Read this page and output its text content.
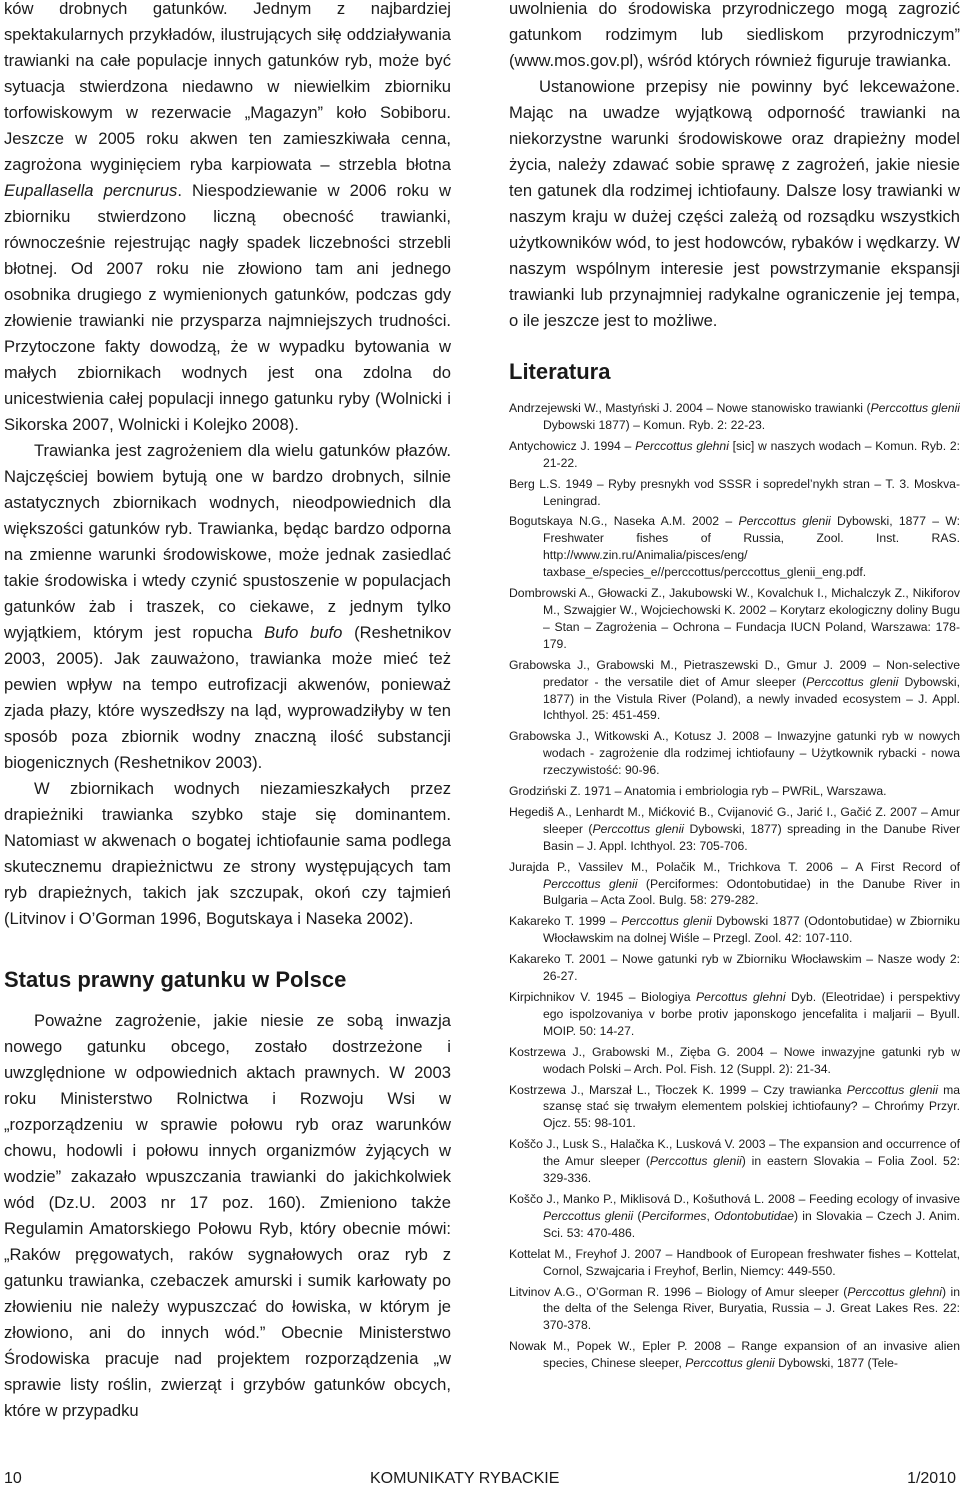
ków drobnych gatunków. Jednym z najbardziej spektakularnych przykładów, ilustrujących siłę oddziaływania trawianki na całe populacje innych gatunków ryb, może być sytuacja stwierdzona niedawno w niewielkim zbiorniku torfowiskowym w rezerwacie „Magazyn” koło Sobiboru. Jeszcze w 2005 roku akwen ten zamieszkiwała cenna, zagrożona wyginięciem ryba karpiowata – strzebla błotna Eupallasella percnurus. Niespodziewanie w 2006 roku w zbiorniku stwierdzono liczną obecność trawianki, równocześnie rejestrując nagły spadek liczebności strzebli błotnej. Od 2007 roku nie złowiono tam ani jednego osobnika drugiego z wymienionych gatunków, podczas gdy złowienie trawianki nie przysparza najmniejszych trudności. Przytoczone fakty dowodzą, że w wypadku bytowania w małych zbiornikach wodnych jest ona zdolna do unicestwienia całej populacji innego gatunku ryby (Wolnicki i Sikorska 2007, Wolnicki i Kolejko 2008).

Trawianka jest zagrożeniem dla wielu gatunków płazów. Najczęściej bowiem bytują one w bardzo drobnych, silnie astatycznych zbiornikach wodnych, nieodpowiednich dla większości gatunków ryb. Trawianka, będąc bardzo odporna na zmienne warunki środowiskowe, może jednak zasiedlać takie środowiska i wtedy czynić spustoszenie w populacjach gatunków żab i traszek, co ciekawe, z jednym tylko wyjątkiem, którym jest ropucha Bufo bufo (Reshetnikov 2003, 2005). Jak zauważono, trawianka może mieć też pewien wpływ na tempo eutrofizacji akwenów, ponieważ zjada płazy, które wyszedłszy na ląd, wyprowadziłyby w ten sposób poza zbiornik wodny znaczną ilość substancji biogenicznych (Reshetnikov 2003).

W zbiornikach wodnych niezamieszkałych przez drapieżniki trawianka szybko staje się dominantem. Natomiast w akwenach o bogatej ichtiofaunie sama podlega skutecznemu drapieżnictwu ze strony występujących tam ryb drapieżnych, takich jak szczupak, okoń czy tajmień (Litvinov i O’Gorman 1996, Bogutskaya i Naseka 2002).

Status prawny gatunku w Polsce

Poważne zagrożenie, jakie niesie ze sobą inwazja nowego gatunku obcego, zostało dostrzeżone i uwzględnione w odpowiednich aktach prawnych. W 2003 roku Ministerstwo Rolnictwa i Rozwoju Wsi w „rozporządzeniu w sprawie połowu ryb oraz warunków chowu, hodowli i połowu innych organizmów żyjących w wodzie” zakazało wpuszczania trawianki do jakichkolwiek wód (Dz.U. 2003 nr 17 poz. 160). Zmieniono także Regulamin Amatorskiego Połowu Ryb, który obecnie mówi: „Raków pręgowatych, raków sygnałowych oraz ryb z gatunku trawianka, czebaczek amurski i sumik karłowaty po złowieniu nie należy wypuszczać do łowiska, w którym je złowiono, ani do innych wód.” Obecnie Ministerstwo Środowiska pracuje nad projektem rozporządzenia „w sprawie listy roślin, zwierząt i grzybów gatunków obcych, które w przypadku

uwolnienia do środowiska przyrodniczego mogą zagrozić gatunkom rodzimym lub siedliskom przyrodniczym” (www.mos.gov.pl), wśród których również figuruje trawianka.

Ustanowione przepisy nie powinny być lekceważone. Mając na uwadze wyjątkową odporność trawianki na niekorzystne warunki środowiskowe oraz drapieżny model życia, należy zdawać sobie sprawę z zagrożeń, jakie niesie ten gatunek dla rodzimej ichtiofauny. Dalsze losy trawianki w naszym kraju w dużej części zależą od rozsądku wszystkich użytkowników wód, to jest hodowców, rybaków i wędkarzy. W naszym wspólnym interesie jest powstrzymanie ekspansji trawianki lub przynajmniej radykalne ograniczenie jej tempa, o ile jeszcze jest to możliwe.

Literatura
Andrzejewski W., Mastyński J. 2004 – Nowe stanowisko trawianki (Perccottus glenii Dybowski 1877) – Komun. Ryb. 2: 22-23.
Antychowicz J. 1994 – Perccottus glehni [sic] w naszych wodach – Komun. Ryb. 2: 21-22.
Berg L.S. 1949 – Ryby presnykh vod SSSR i sopredel’nykh stran – T. 3. Moskva-Leningrad.
Bogutskaya N.G., Naseka A.M. 2002 – Perccottus glenii Dybowski, 1877 – W: Freshwater fishes of Russia, Zool. Inst. RAS. http://www.zin.ru/Animalia/pisces/eng/ taxbase_e/species_e//perccottus/perccottus_glenii_eng.pdf.
Dombrowski A., Głowacki Z., Jakubowski W., Kovalchuk I., Michalczyk Z., Nikiforov M., Szwajgier W., Wojciechowski K. 2002 – Korytarz ekologiczny doliny Bugu – Stan – Zagrożenia – Ochrona – Fundacja IUCN Poland, Warszawa: 178-179.
Grabowska J., Grabowski M., Pietraszewski D., Gmur J. 2009 – Non-selective predator - the versatile diet of Amur sleeper (Perccottus glenii Dybowski, 1877) in the Vistula River (Poland), a newly invaded ecosystem – J. Appl. Ichthyol. 25: 451-459.
Grabowska J., Witkowski A., Kotusz J. 2008 – Inwazyjne gatunki ryb w nowych wodach - zagrożenie dla rodzimej ichtiofauny – Użytkownik rybacki - nowa rzeczywistość: 90-96.
Grodziński Z. 1971 – Anatomia i embriologia ryb – PWRiL, Warszawa.
Hegediš A., Lenhardt M., Mićković B., Cvijanović G., Jarić I., Gačić Z. 2007 – Amur sleeper (Perccottus glenii Dybowski, 1877) spreading in the Danube River Basin – J. Appl. Ichthyol. 23: 705-706.
Jurajda P., Vassilev M., Polačik M., Trichkova T. 2006 – A First Record of Perccottus glenii (Perciformes: Odontobutidae) in the Danube River in Bulgaria – Acta Zool. Bulg. 58: 279-282.
Kakareko T. 1999 – Perccottus glenii Dybowski 1877 (Odontobutidae) w Zbiorniku Włocławskim na dolnej Wiśle – Przegl. Zool. 42: 107-110.
Kakareko T. 2001 – Nowe gatunki ryb w Zbiorniku Włocławskim – Nasze wody 2: 26-27.
Kirpichnikov V. 1945 – Biologiya Percottus glehni Dyb. (Eleotridae) i perspektivy ego ispolzovaniya v borbe protiv japonskogo jencefalita i maljarii – Byull. MOIP. 50: 14-27.
Kostrzewa J., Grabowski M., Zięba G. 2004 – Nowe inwazyjne gatunki ryb w wodach Polski – Arch. Pol. Fish. 12 (Suppl. 2): 21-34.
Kostrzewa J., Marszał L., Tłoczek K. 1999 – Czy trawianka Perccottus glenii ma szansę stać się trwałym elementem polskiej ichtiofauny? – Chrońmy Przyr. Ojcz. 55: 98-101.
Koščo J., Lusk S., Halačka K., Lusková V. 2003 – The expansion and occurrence of the Amur sleeper (Perccottus glenii) in eastern Slovakia – Folia Zool. 52: 329-336.
Koščo J., Manko P., Miklisová D., Košuthová L. 2008 – Feeding ecology of invasive Perccottus glenii (Perciformes, Odontobutidae) in Slovakia – Czech J. Anim. Sci. 53: 470-486.
Kottelat M., Freyhof J. 2007 – Handbook of European freshwater fishes – Kottelat, Cornol, Szwajcaria i Freyhof, Berlin, Niemcy: 449-550.
Litvinov A.G., O’Gorman R. 1996 – Biology of Amur sleeper (Perccottus glehni) in the delta of the Selenga River, Buryatia, Russia – J. Great Lakes Res. 22: 370-378.
Nowak M., Popek W., Epler P. 2008 – Range expansion of an invasive alien species, Chinese sleeper, Perccottus glenii Dybowski, 1877 (Tele-
10	KOMUNIKATY RYBACKIE	1/2010
